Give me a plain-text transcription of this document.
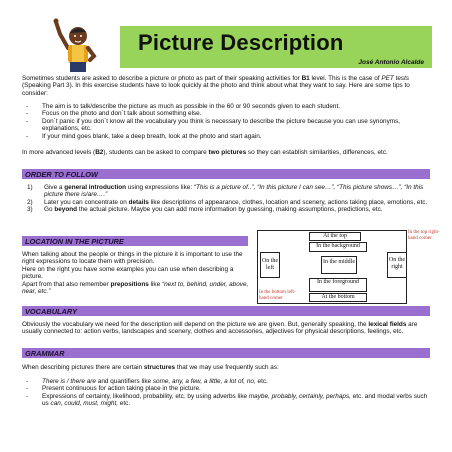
Picture Description
José Antonio Alcalde
Sometimes students are asked to describe a picture or photo as part of their speaking activities for B1 level. This is the case of PET tests (Speaking Part 3). In this exercise students have to look quickly at the photo and think about what they want to say. Here are some tips to consider:
- The aim is to talk/describe the picture as much as possible in the 60 or 90 seconds given to each student.
- Focus on the photo and don´t talk about something else.
- Don´t panic if you don´t know all the vocabulary you think is necessary to describe the picture because you can use synonyms, explanations, etc.
- If your mind goes blank, take a deep breath, look at the photo and start again.
In more advanced levels (B2), students can be asked to compare two pictures so they can establish similarities, differences, etc.
ORDER TO FOLLOW
1) Give a general introduction using expressions like: “This is a picture of..”, “In this picture I can see…”, “This picture shows…”, “In this picture there is/are….”
2) Later you can concentrate on details like descriptions of appearance, clothes, location and scenery, actions taking place, emotions, etc.
3) Go beyond the actual picture. Maybe you can add more information by guessing, making assumptions, predictions, etc.
LOCATION IN THE PICTURE
When talking about the people or things in the picture it is important to use the right expressions to locate them with precision.
Here on the right you have some examples you can use when describing a picture.
Apart from that also remember prepositions like “next to, behind, under, above, near, etc.”
At the top
In the background
On the left
In the middle	On the right
In the foreground
At the bottom
In the top right-hand corner
In the bottom left-hand corner
VOCABULARY
Obviously the vocabulary we need for the description will depend on the picture we are given. But, generally speaking, the lexical fields are usually connected to: action verbs, landscapes and scenery, clothes and accessories, adjectives for physical descriptions, feelings, etc.
GRAMMAR
When describing pictures there are certain structures that we may use frequently such as:
- There is / there are and quantifiers like some, any, a few, a little, a lot of, no, etc.
- Present continuous for action taking place in the picture.
- Expressions of certainty, likelihood, probability, etc. by using adverbs like maybe, probably, certainly, perhaps, etc. and modal verbs such us can, could, must, might, etc.
